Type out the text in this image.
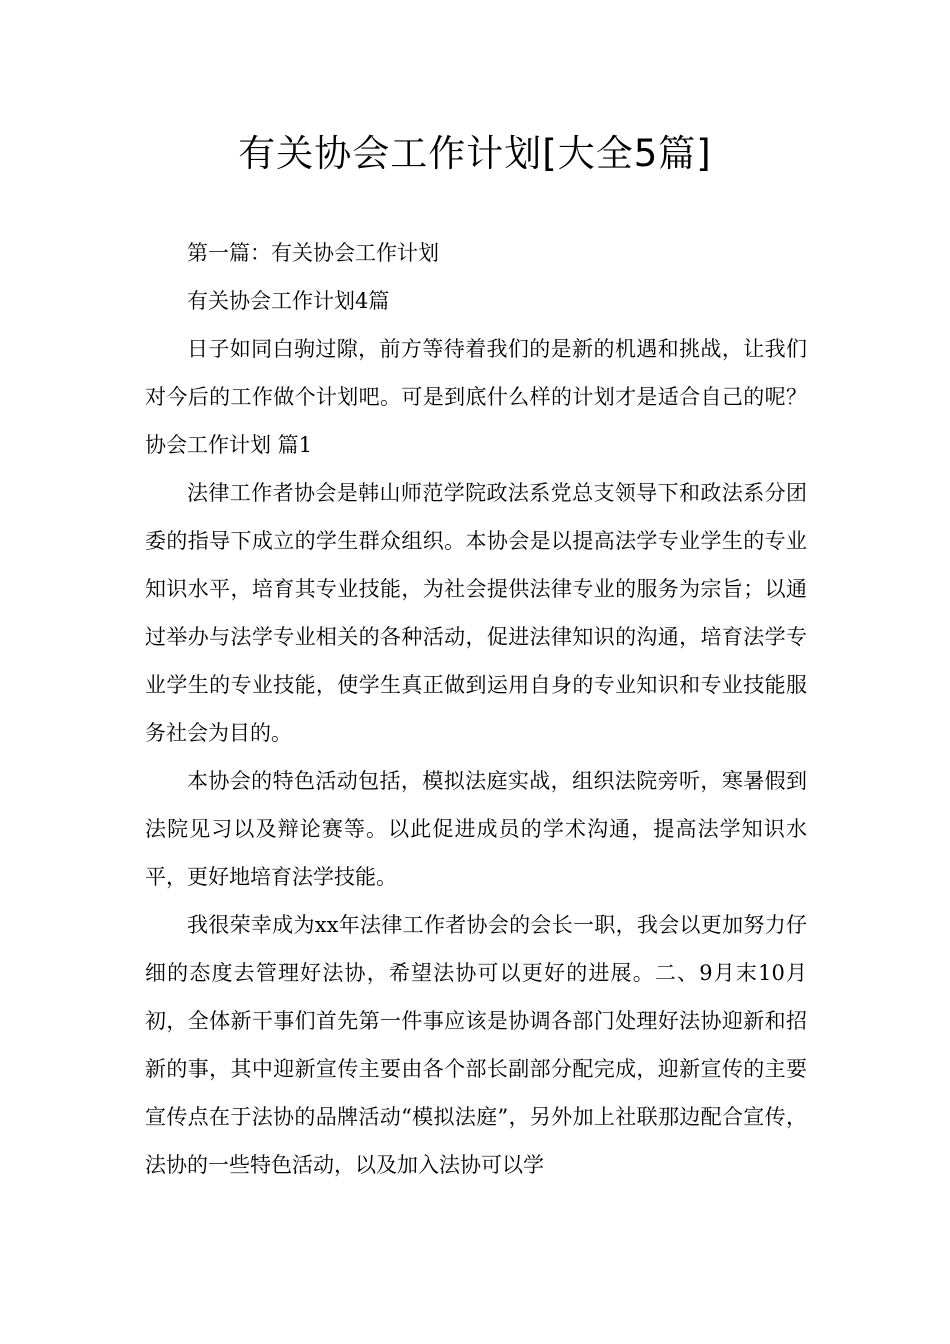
有关协会工作计划[大全5篇]

第一篇：有关协会工作计划

有关协会工作计划4篇

日子如同白驹过隙，前方等待着我们的是新的机遇和挑战，让我们对今后的工作做个计划吧。可是到底什么样的计划才是适合自己的呢？协会工作计划 篇1

法律工作者协会是韩山师范学院政法系党总支领导下和政法系分团委的指导下成立的学生群众组织。本协会是以提高法学专业学生的专业知识水平，培育其专业技能，为社会提供法律专业的服务为宗旨；以通过举办与法学专业相关的各种活动，促进法律知识的沟通，培育法学专业学生的专业技能，使学生真正做到运用自身的专业知识和专业技能服务社会为目的。

本协会的特色活动包括，模拟法庭实战，组织法院旁听，寒暑假到法院见习以及辩论赛等。以此促进成员的学术沟通，提高法学知识水平，更好地培育法学技能。

我很荣幸成为xx年法律工作者协会的会长一职，我会以更加努力仔细的态度去管理好法协，希望法协可以更好的进展。二、9月末10月初，全体新干事们首先第一件事应该是协调各部门处理好法协迎新和招新的事，其中迎新宣传主要由各个部长副部分配完成，迎新宣传的主要宣传点在于法协的品牌活动“模拟法庭”，另外加上社联那边配合宣传，法协的一些特色活动，以及加入法协可以学
